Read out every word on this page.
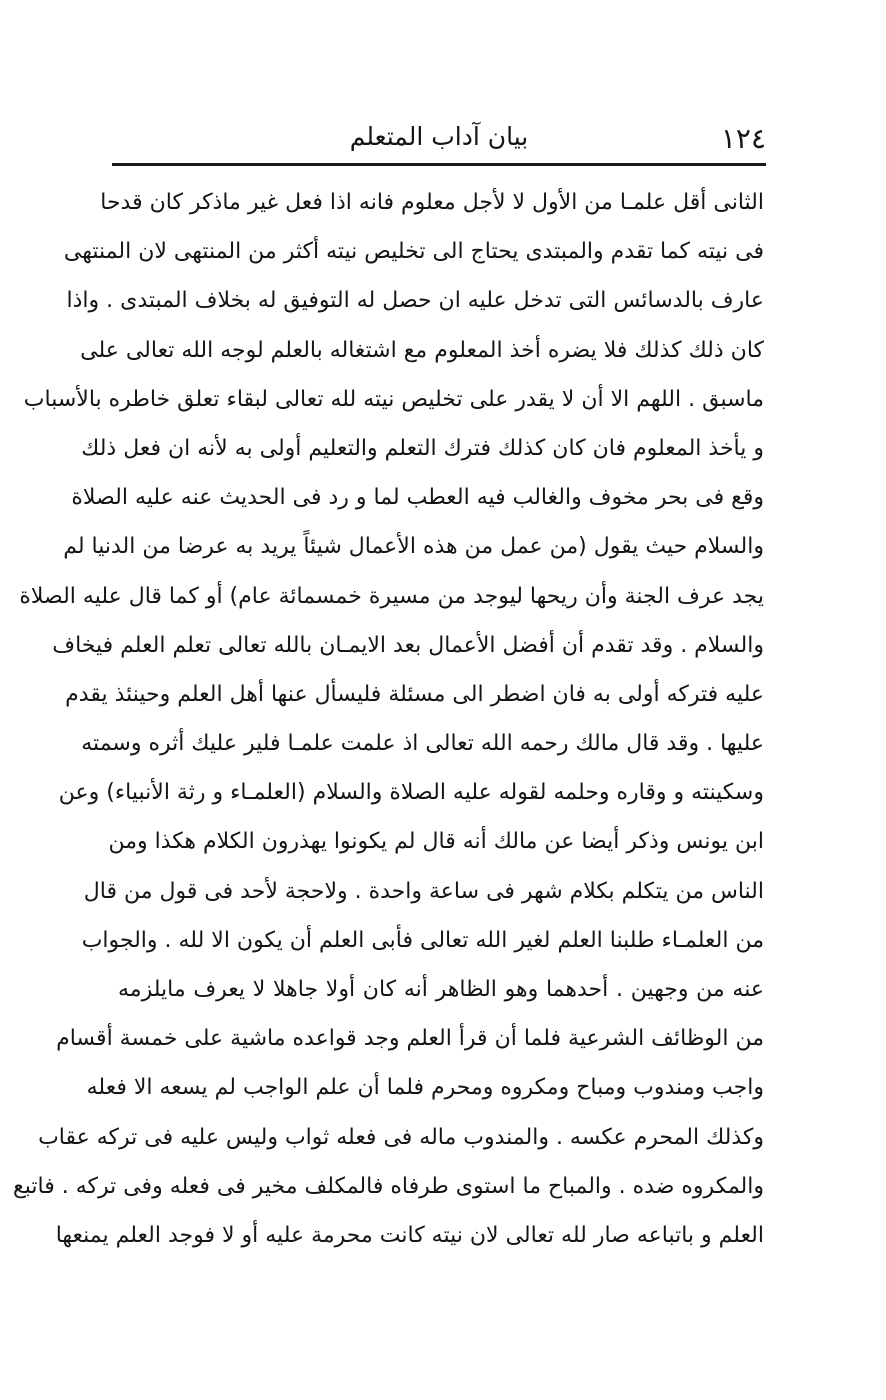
١٢٤
بيان آداب المتعلم
الثانى أقل علمـا من الأول لا لأجل معلوم فانه اذا فعل غير ماذكر كان قدحا
فى نيته كما تقدم والمبتدى يحتاج الى تخليص نيته أكثر من المنتهى لان المنتهى
عارف بالدسائس التى تدخل عليه ان حصل له التوفيق له بخلاف المبتدى . واذا
كان ذلك كذلك فلا يضره أخذ المعلوم مع اشتغاله بالعلم لوجه الله تعالى على
ماسبق . اللهم الا أن لا يقدر على تخليص نيته لله تعالى لبقاء تعلق خاطره بالأسباب
و يأخذ المعلوم فان كان كذلك فترك التعلم والتعليم أولى به لأنه ان فعل ذلك
وقع فى بحر مخوف والغالب فيه العطب لما و رد فى الحديث عنه عليه الصلاة
والسلام حيث يقول (من عمل من هذه الأعمال شيئاً يريد به عرضا من الدنيا لم
يجد عرف الجنة وأن ريحها ليوجد من مسيرة خمسمائة عام) أو كما قال عليه الصلاة
والسلام . وقد تقدم أن أفضل الأعمال بعد الايمـان بالله تعالى تعلم العلم فيخاف
عليه فتركه أولى به فان اضطر الى مسئلة فليسأل عنها أهل العلم وحينئذ يقدم
عليها . وقد قال مالك رحمه الله تعالى اذ علمت علمـا فلير عليك أثره وسمته
وسكينته و وقاره وحلمه لقوله عليه الصلاة والسلام (العلمـاء و رثة الأنبياء) وعن
ابن يونس وذكر أيضا عن مالك أنه قال لم يكونوا يهذرون الكلام هكذا ومن
الناس من يتكلم بكلام شهر فى ساعة واحدة . ولاحجة لأحد فى قول من قال
من العلمـاء طلبنا العلم لغير الله تعالى فأبى العلم أن يكون الا لله . والجواب
عنه من وجهين . أحدهما وهو الظاهر أنه كان أولا جاهلا لا يعرف مايلزمه
من الوظائف الشرعية فلما أن قرأ العلم وجد قواعده ماشية على خمسة أقسام
واجب ومندوب ومباح ومكروه ومحرم فلما أن علم الواجب لم يسعه الا فعله
وكذلك المحرم عكسه . والمندوب ماله فى فعله ثواب وليس عليه فى تركه عقاب
والمكروه ضده . والمباح ما استوى طرفاه فالمكلف مخير فى فعله وفى تركه . فاتبع
العلم و باتباعه صار لله تعالى لان نيته كانت محرمة عليه أو لا فوجد العلم يمنعها
